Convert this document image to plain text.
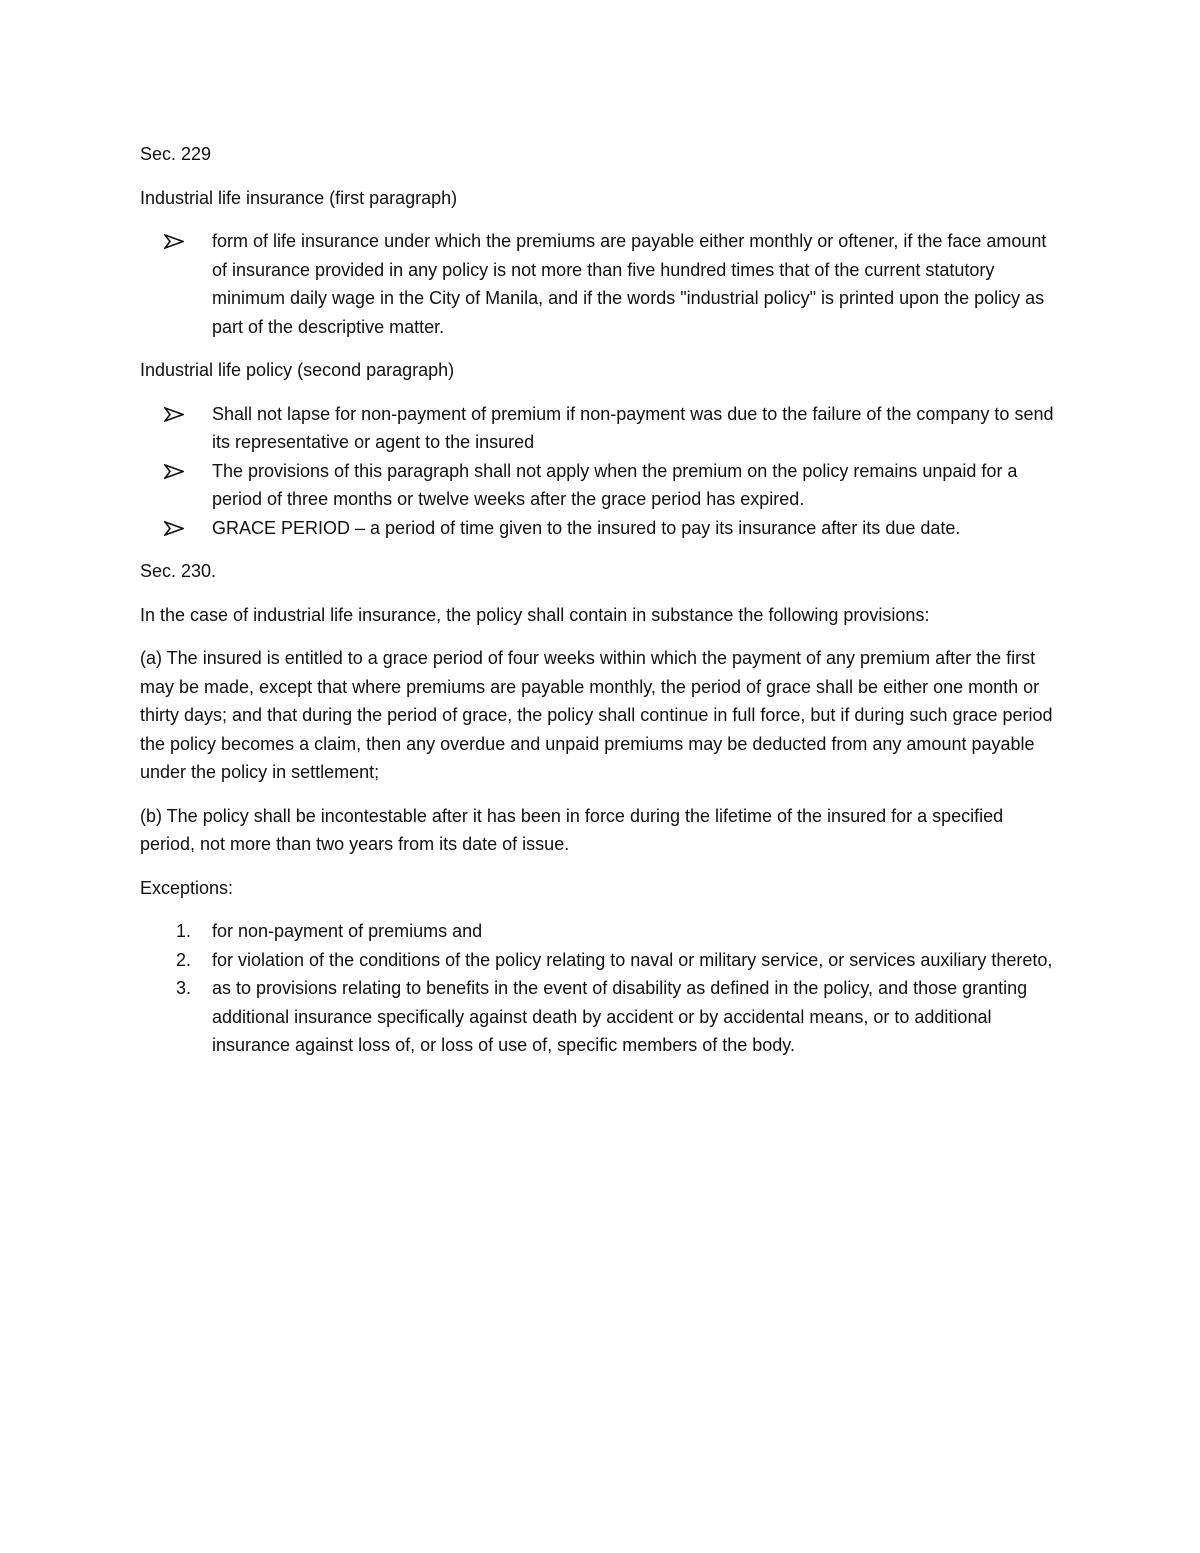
Sec. 229

Industrial life insurance (first paragraph)

form of life insurance under which the premiums are payable either monthly or oftener, if the face amount of insurance provided in any policy is not more than five hundred times that of the current statutory minimum daily wage in the City of Manila, and if the words "industrial policy" is printed upon the policy as part of the descriptive matter.

Industrial life policy (second paragraph)

Shall not lapse for non-payment of premium if non-payment was due to the failure of the company to send its representative or agent to the insured
The provisions of this paragraph shall not apply when the premium on the policy remains unpaid for a period of three months or twelve weeks after the grace period has expired.
GRACE PERIOD – a period of time given to the insured to pay its insurance after its due date.

Sec. 230.

In the case of industrial life insurance, the policy shall contain in substance the following provisions:

(a) The insured is entitled to a grace period of four weeks within which the payment of any premium after the first may be made, except that where premiums are payable monthly, the period of grace shall be either one month or thirty days; and that during the period of grace, the policy shall continue in full force, but if during such grace period the policy becomes a claim, then any overdue and unpaid premiums may be deducted from any amount payable under the policy in settlement;

(b) The policy shall be incontestable after it has been in force during the lifetime of the insured for a specified period, not more than two years from its date of issue.

Exceptions:

1. for non-payment of premiums and
2. for violation of the conditions of the policy relating to naval or military service, or services auxiliary thereto,
3. as to provisions relating to benefits in the event of disability as defined in the policy, and those granting additional insurance specifically against death by accident or by accidental means, or to additional insurance against loss of, or loss of use of, specific members of the body.
